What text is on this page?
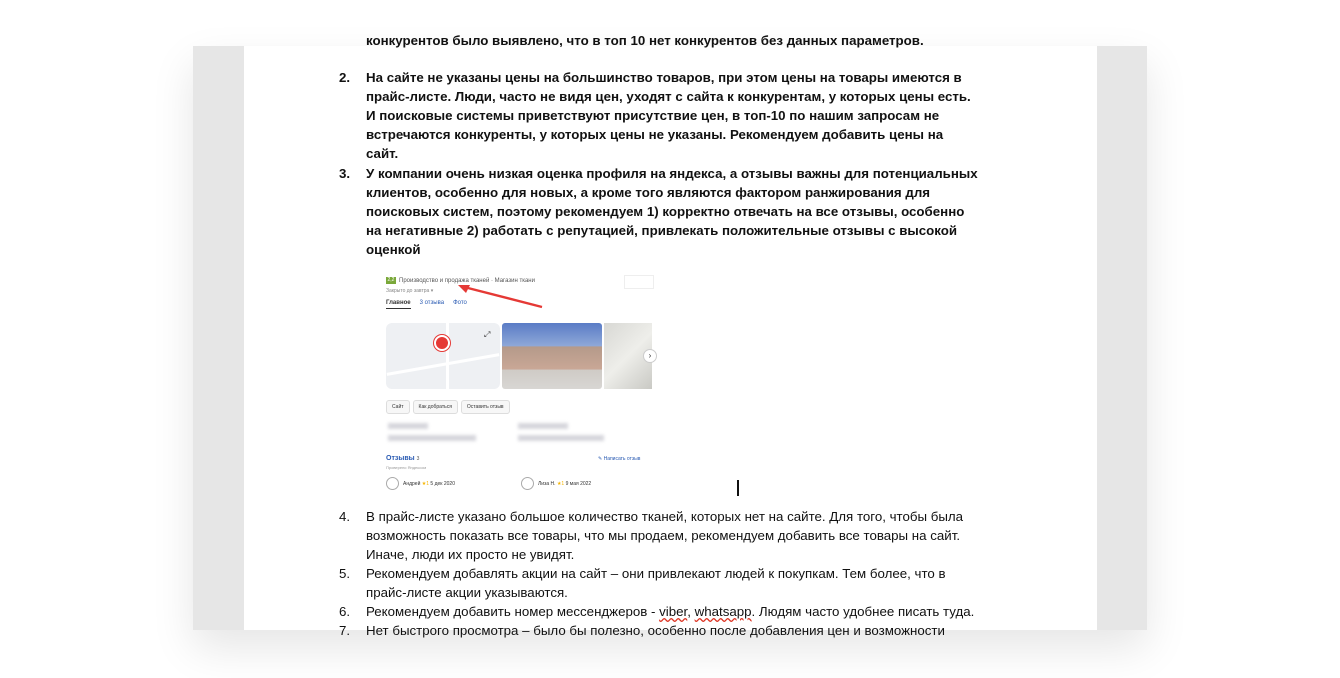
конкурентов было выявлено, что в топ 10 нет конкурентов без данных параметров.
2.	На сайте не указаны цены на большинство товаров, при этом цены на товары имеются в

прайс-листе. Люди, часто не видя цен, уходят с сайта к конкурентам, у которых цены есть.

И поисковые системы приветствуют присутствие цен, в топ-10 по нашим запросам не

встречаются конкуренты, у которых цены не указаны. Рекомендуем добавить цены на

сайт.

3.	У компании очень низкая оценка профиля на яндекса, а отзывы важны для потенциальных

клиентов, особенно для новых, а кроме того являются фактором ранжирования для

поисковых систем, поэтому рекомендуем 1) корректно отвечать на все отзывы, особенно

на негативные 2) работать с репутацией, привлекать положительные отзывы с высокой

оценкой

2,2 Производство и продажа тканей · Магазин ткани
Закрыто до завтра ▾
Главное 3 отзыва Фото
⤢
›
Сайт	Как добраться	Оставить отзыв
Отзывы 3
Проверено Яндексом
✎ Написать отзыв
Андрей ★1 5 дек 2020	Лиза Н. ★1 9 мая 2022
4.	В прайс-листе указано большое количество тканей, которых нет на сайте. Для того, чтобы была

возможность показать все товары, что мы продаем, рекомендуем добавить все товары на сайт.

Иначе, люди их просто не увидят.

5.	Рекомендуем добавлять акции на сайт – они привлекают людей к покупкам. Тем более, что в

прайс-листе акции указываются.

6.	Рекомендуем добавить номер мессенджеров - viber, whatsapp. Людям часто удобнее писать туда.

7.	Нет быстрого просмотра – было бы полезно, особенно после добавления цен и возможности
